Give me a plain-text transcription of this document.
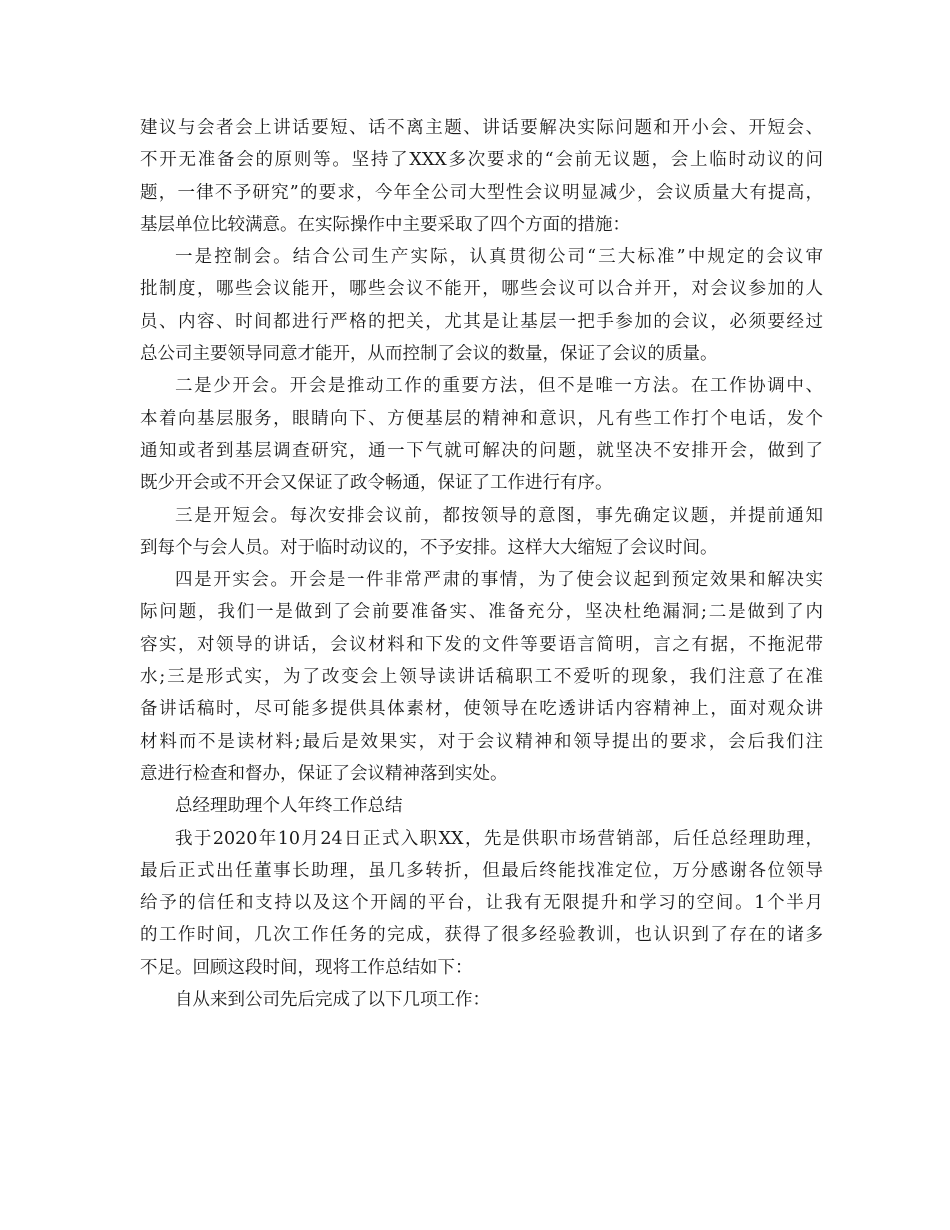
建议与会者会上讲话要短、话不离主题、讲话要解决实际问题和开小会、开短会、
不开无准备会的原则等。坚持了XXX多次要求的“会前无议题，会上临时动议的问
题，一律不予研究”的要求，今年全公司大型性会议明显减少，会议质量大有提高，
基层单位比较满意。在实际操作中主要采取了四个方面的措施：
一是控制会。结合公司生产实际，认真贯彻公司“三大标准”中规定的会议审
批制度，哪些会议能开，哪些会议不能开，哪些会议可以合并开，对会议参加的人
员、内容、时间都进行严格的把关，尤其是让基层一把手参加的会议，必须要经过
总公司主要领导同意才能开，从而控制了会议的数量，保证了会议的质量。
二是少开会。开会是推动工作的重要方法，但不是唯一方法。在工作协调中、
本着向基层服务，眼睛向下、方便基层的精神和意识，凡有些工作打个电话，发个
通知或者到基层调查研究，通一下气就可解决的问题，就坚决不安排开会，做到了
既少开会或不开会又保证了政令畅通，保证了工作进行有序。
三是开短会。每次安排会议前，都按领导的意图，事先确定议题，并提前通知
到每个与会人员。对于临时动议的，不予安排。这样大大缩短了会议时间。
四是开实会。开会是一件非常严肃的事情，为了使会议起到预定效果和解决实
际问题，我们一是做到了会前要准备实、准备充分，坚决杜绝漏洞;二是做到了内
容实，对领导的讲话，会议材料和下发的文件等要语言简明，言之有据，不拖泥带
水;三是形式实，为了改变会上领导读讲话稿职工不爱听的现象，我们注意了在准
备讲话稿时，尽可能多提供具体素材，使领导在吃透讲话内容精神上，面对观众讲
材料而不是读材料;最后是效果实，对于会议精神和领导提出的要求，会后我们注
意进行检查和督办，保证了会议精神落到实处。
总经理助理个人年终工作总结
我于2020年10月24日正式入职XX，先是供职市场营销部，后任总经理助理，
最后正式出任董事长助理，虽几多转折，但最后终能找准定位，万分感谢各位领导
给予的信任和支持以及这个开阔的平台，让我有无限提升和学习的空间。1个半月
的工作时间，几次工作任务的完成，获得了很多经验教训，也认识到了存在的诸多
不足。回顾这段时间，现将工作总结如下：
自从来到公司先后完成了以下几项工作：
